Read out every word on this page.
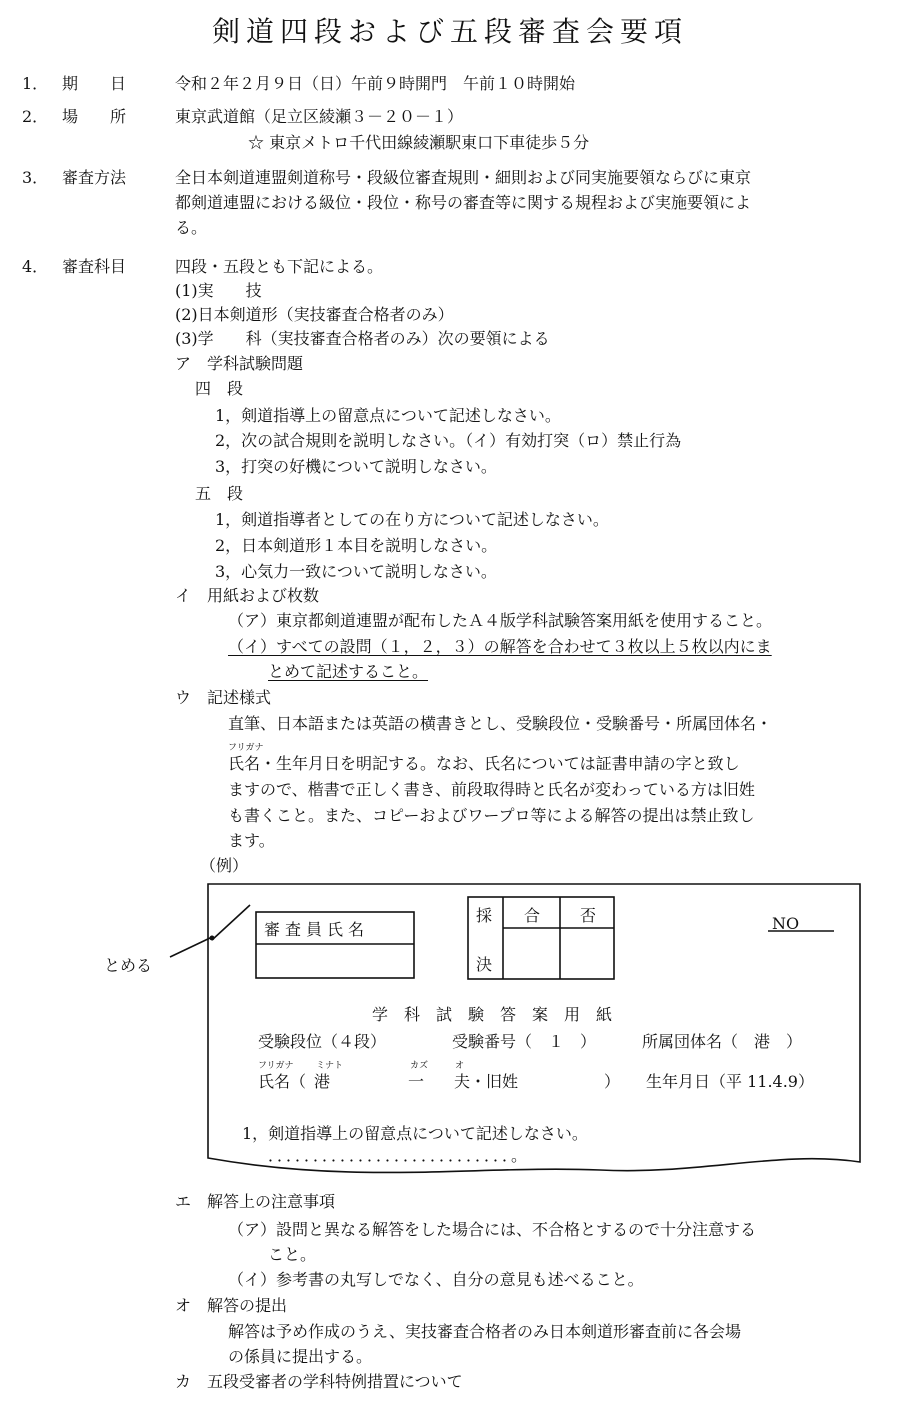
剣道四段および五段審査会要項
1． 期　　日	令和２年２月９日（日）午前９時開門　午前１０時開始
2． 場　　所	東京武道館（足立区綾瀬３－２０－１）
☆ 東京メトロ千代田線綾瀬駅東口下車徒歩５分
3． 審査方法	全日本剣道連盟剣道称号・段級位審査規則・細則および同実施要領ならびに東京
都剣道連盟における級位・段位・称号の審査等に関する規程および実施要領によ
る。
4． 審査科目	四段・五段とも下記による。
(1)実　　技
(2)日本剣道形（実技審査合格者のみ）
(3)学　　科（実技審査合格者のみ）次の要領による
ア　学科試験問題
四　段
1，剣道指導上の留意点について記述しなさい。
2，次の試合規則を説明しなさい。（イ）有効打突（ロ）禁止行為
3，打突の好機について説明しなさい。
五　段
1，剣道指導者としての在り方について記述しなさい。
2，日本剣道形１本目を説明しなさい。
3，心気力一致について説明しなさい。
イ　用紙および枚数
（ア）東京都剣道連盟が配布したＡ４版学科試験答案用紙を使用すること。
（イ）すべての設問（１，２，３）の解答を合わせて３枚以上５枚以内にま
とめて記述すること。
ウ　記述様式
直筆、日本語または英語の横書きとし、受験段位・受験番号・所属団体名・
フリガナ
氏名・生年月日を明記する。なお、氏名については証書申請の字と致し
ますので、楷書で正しく書き、前段取得時と氏名が変わっている方は旧姓
も書くこと。また、コピーおよびワープロ等による解答の提出は禁止致し
ます。
（例）
とめる
審査員氏名
採
決
合 否	NO
学　科　試　験　答　案　用　紙
受験段位（４段）	受験番号（　１　）	所属団体名（　港　）
フリガナ ミナト	カズ	オ
氏名（ 港	一 夫 ・旧姓	） 生年月日（平 11.4.9）
1，剣道指導上の留意点について記述しなさい。
．．．．．．．．．．．．．．．．．．．．．．．．．．．。
エ　解答上の注意事項
（ア）設問と異なる解答をした場合には、不合格とするので十分注意する
こと。
（イ）参考書の丸写しでなく、自分の意見も述べること。
オ　解答の提出
解答は予め作成のうえ、実技審査合格者のみ日本剣道形審査前に各会場
の係員に提出する。
カ　五段受審者の学科特例措置について
